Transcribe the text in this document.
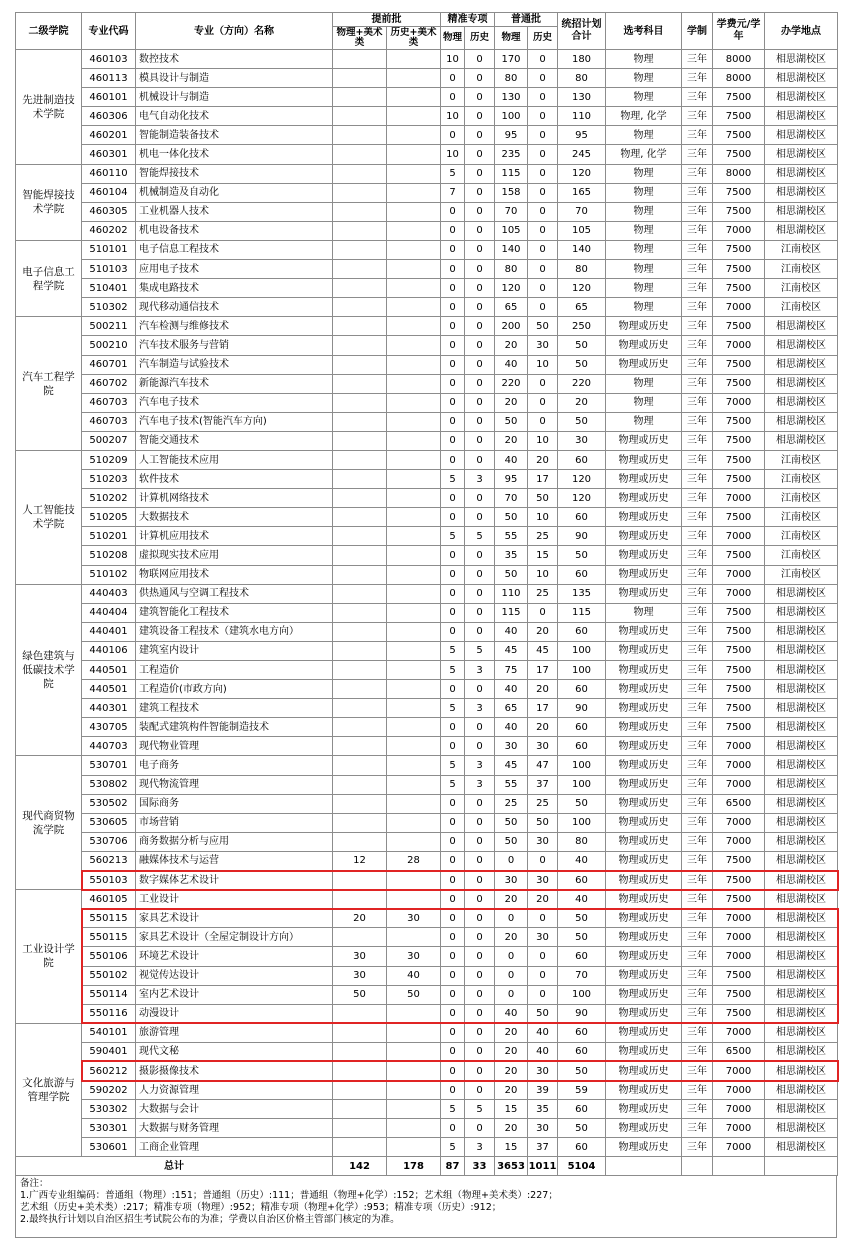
二级学院	专业代码	专业（方向）名称	提前批		精准专项		普通批		统招计划合计	选考科目	学制	学费元/学年	办学地点
			物理+美术类	历史+美术类	物理	历史	物理	历史					
先进制造技术学院	460103	数控技术			10	0	170	0	180	物理	三年	8000	相思湖校区
	460113	模具设计与制造			0	0	80	0	80	物理	三年	8000	相思湖校区
	460101	机械设计与制造			0	0	130	0	130	物理	三年	7500	相思湖校区
	460306	电气自动化技术			10	0	100	0	110	物理, 化学	三年	7500	相思湖校区
	460201	智能制造装备技术			0	0	95	0	95	物理	三年	7500	相思湖校区
	460301	机电一体化技术			10	0	235	0	245	物理, 化学	三年	7500	相思湖校区
智能焊接技术学院	460110	智能焊接技术			5	0	115	0	120	物理	三年	8000	相思湖校区
	460104	机械制造及自动化			7	0	158	0	165	物理	三年	7500	相思湖校区
	460305	工业机器人技术			0	0	70	0	70	物理	三年	7500	相思湖校区
	460202	机电设备技术			0	0	105	0	105	物理	三年	7000	相思湖校区
电子信息工程学院	510101	电子信息工程技术			0	0	140	0	140	物理	三年	7500	江南校区
	510103	应用电子技术			0	0	80	0	80	物理	三年	7500	江南校区
	510401	集成电路技术			0	0	120	0	120	物理	三年	7500	江南校区
	510302	现代移动通信技术			0	0	65	0	65	物理	三年	7000	江南校区
汽车工程学院	500211	汽车检测与维修技术			0	0	200	50	250	物理或历史	三年	7500	相思湖校区
	500210	汽车技术服务与营销			0	0	20	30	50	物理或历史	三年	7000	相思湖校区
	460701	汽车制造与试验技术			0	0	40	10	50	物理或历史	三年	7500	相思湖校区
	460702	新能源汽车技术			0	0	220	0	220	物理	三年	7500	相思湖校区
	460703	汽车电子技术			0	0	20	0	20	物理	三年	7000	相思湖校区
	460703	汽车电子技术(智能汽车方向)			0	0	50	0	50	物理	三年	7500	相思湖校区
	500207	智能交通技术			0	0	20	10	30	物理或历史	三年	7500	相思湖校区
人工智能技术学院	510209	人工智能技术应用			0	0	40	20	60	物理或历史	三年	7500	江南校区
	510203	软件技术			5	3	95	17	120	物理或历史	三年	7500	江南校区
	510202	计算机网络技术			0	0	70	50	120	物理或历史	三年	7000	江南校区
	510205	大数据技术			0	0	50	10	60	物理或历史	三年	7500	江南校区
	510201	计算机应用技术			5	5	55	25	90	物理或历史	三年	7000	江南校区
	510208	虚拟现实技术应用			0	0	35	15	50	物理或历史	三年	7500	江南校区
	510102	物联网应用技术			0	0	50	10	60	物理或历史	三年	7000	江南校区
绿色建筑与低碳技术学院	440403	供热通风与空调工程技术			0	0	110	25	135	物理或历史	三年	7000	相思湖校区
	440404	建筑智能化工程技术			0	0	115	0	115	物理	三年	7500	相思湖校区
	440401	建筑设备工程技术（建筑水电方向）			0	0	40	20	60	物理或历史	三年	7500	相思湖校区
	440106	建筑室内设计			5	5	45	45	100	物理或历史	三年	7500	相思湖校区
	440501	工程造价			5	3	75	17	100	物理或历史	三年	7500	相思湖校区
	440501	工程造价(市政方向)			0	0	40	20	60	物理或历史	三年	7500	相思湖校区
	440301	建筑工程技术			5	3	65	17	90	物理或历史	三年	7500	相思湖校区
	430705	装配式建筑构件智能制造技术			0	0	40	20	60	物理或历史	三年	7500	相思湖校区
	440703	现代物业管理			0	0	30	30	60	物理或历史	三年	7000	相思湖校区
现代商贸物流学院	530701	电子商务			5	3	45	47	100	物理或历史	三年	7000	相思湖校区
	530802	现代物流管理			5	3	55	37	100	物理或历史	三年	7000	相思湖校区
	530502	国际商务			0	0	25	25	50	物理或历史	三年	6500	相思湖校区
	530605	市场营销			0	0	50	50	100	物理或历史	三年	7000	相思湖校区
	530706	商务数据分析与应用			0	0	50	30	80	物理或历史	三年	7000	相思湖校区
	560213	融媒体技术与运营	12	28	0	0	0	0	40	物理或历史	三年	7500	相思湖校区
	550103	数字媒体艺术设计			0	0	30	30	60	物理或历史	三年	7500	相思湖校区
工业设计学院	460105	工业设计			0	0	20	20	40	物理或历史	三年	7500	相思湖校区
	550115	家具艺术设计	20	30	0	0	0	0	50	物理或历史	三年	7000	相思湖校区
	550115	家具艺术设计（全屋定制设计方向）			0	0	20	30	50	物理或历史	三年	7000	相思湖校区
	550106	环境艺术设计	30	30	0	0	0	0	60	物理或历史	三年	7000	相思湖校区
	550102	视觉传达设计	30	40	0	0	0	0	70	物理或历史	三年	7500	相思湖校区
	550114	室内艺术设计	50	50	0	0	0	0	100	物理或历史	三年	7500	相思湖校区
	550116	动漫设计			0	0	40	50	90	物理或历史	三年	7500	相思湖校区
文化旅游与管理学院	540101	旅游管理			0	0	20	40	60	物理或历史	三年	7000	相思湖校区
	590401	现代文秘			0	0	20	40	60	物理或历史	三年	6500	相思湖校区
	560212	摄影摄像技术			0	0	20	30	50	物理或历史	三年	7000	相思湖校区
	590202	人力资源管理			0	0	20	39	59	物理或历史	三年	7000	相思湖校区
	530302	大数据与会计			5	5	15	35	60	物理或历史	三年	7000	相思湖校区
	530301	大数据与财务管理			0	0	20	30	50	物理或历史	三年	7000	相思湖校区
	530601	工商企业管理			5	3	15	37	60	物理或历史	三年	7000	相思湖校区
总计			142	178	87	33	3653	1011	5104				
备注：
1.广西专业组编码：普通组（物理）:151；普通组（历史）:111；普通组（物理+化学）:152；艺术组（物理+美术类）:227；
艺术组（历史+美术类）:217；精准专项（物理）:952；精准专项（物理+化学）:953；精准专项（历史）:912；
2.最终执行计划以自治区招生考试院公布的为准；学费以自治区价格主管部门核定的为准。
